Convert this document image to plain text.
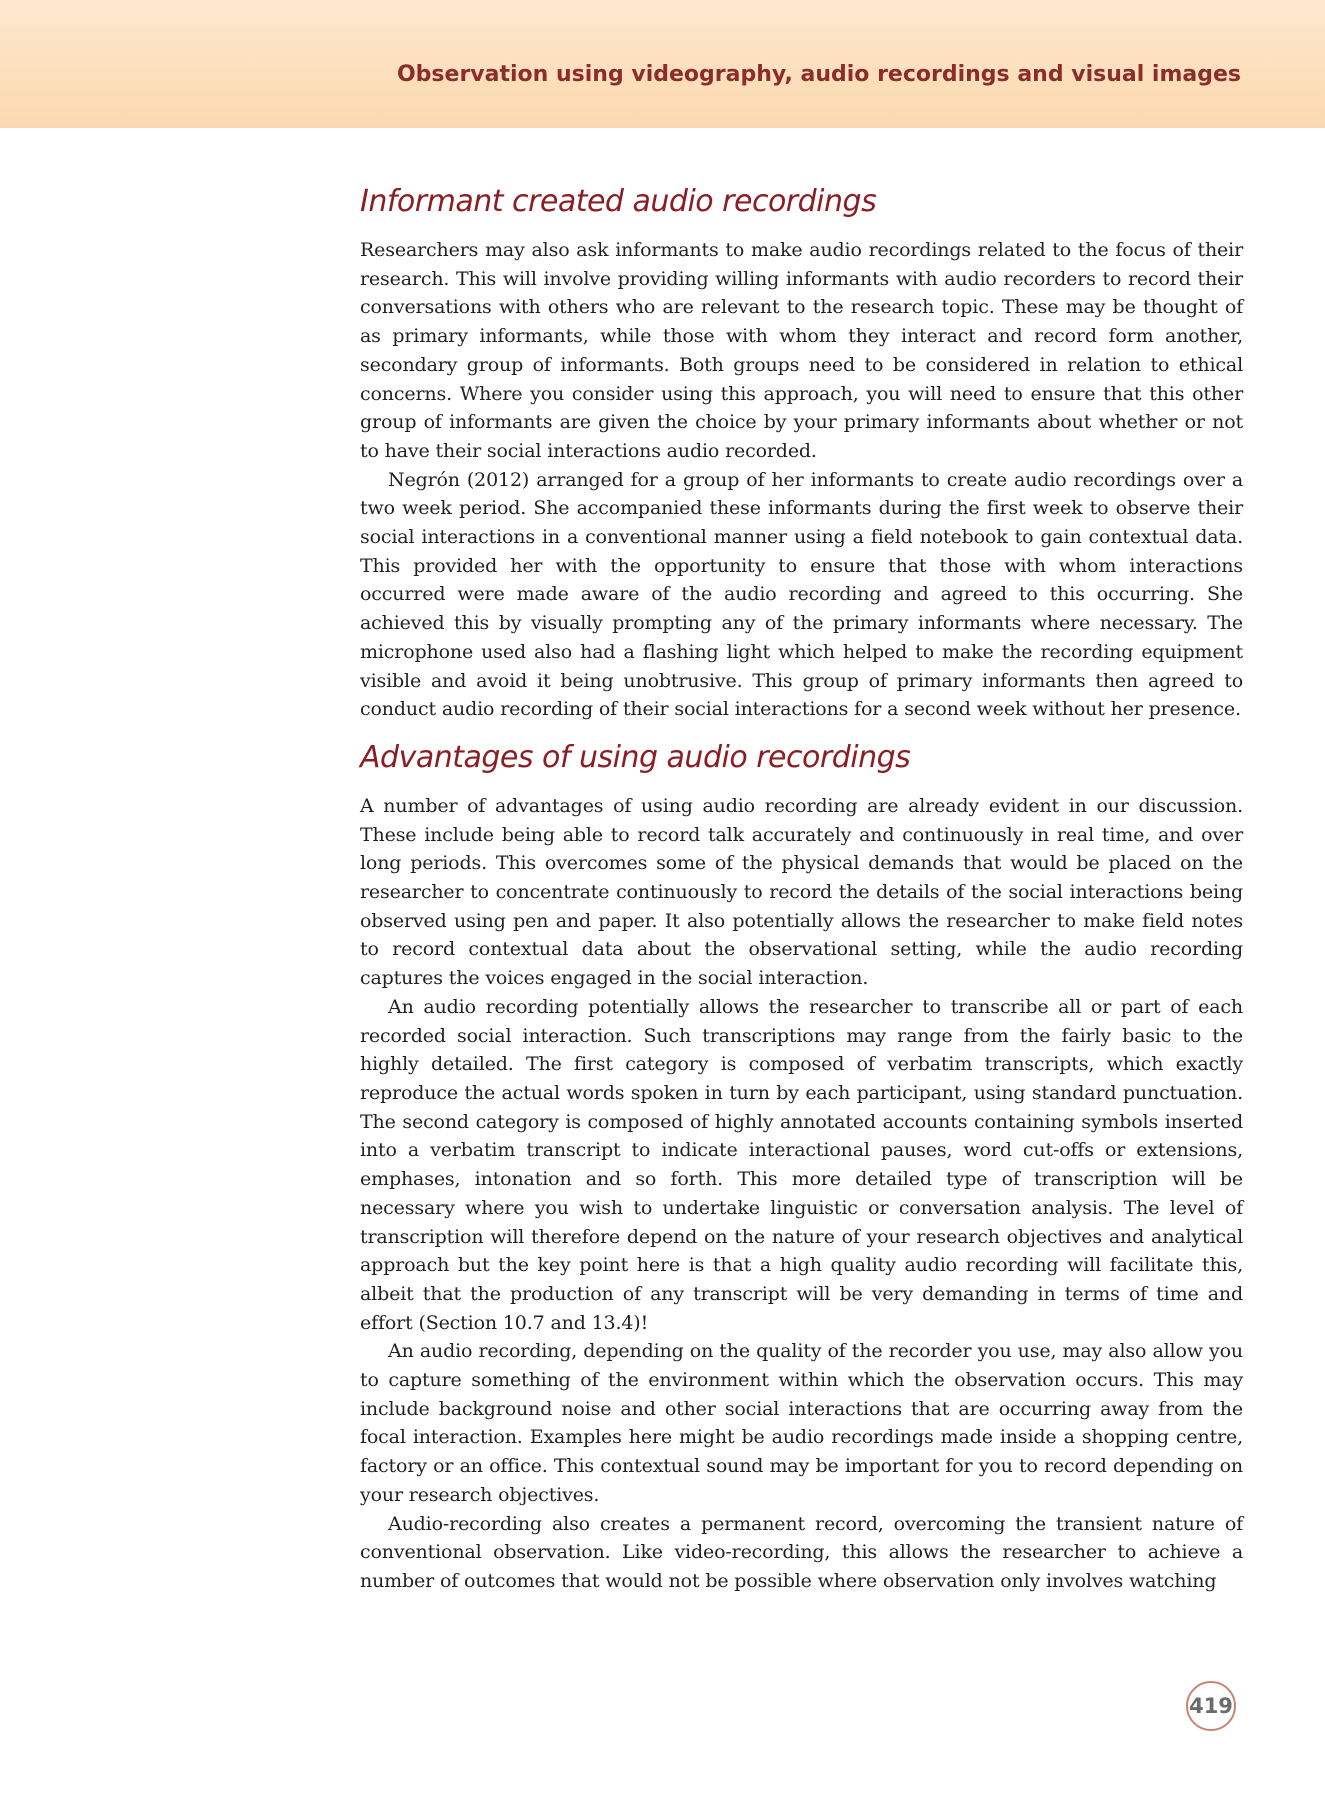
Observation using videography, audio recordings and visual images
Informant created audio recordings

Researchers may also ask informants to make audio recordings related to the focus of their research. This will involve providing willing informants with audio recorders to record their conversations with others who are relevant to the research topic. These may be thought of as primary informants, while those with whom they interact and record form another, secondary group of informants. Both groups need to be considered in relation to ethical concerns. Where you consider using this approach, you will need to ensure that this other group of informants are given the choice by your primary informants about whether or not to have their social interactions audio recorded.

Negrón (2012) arranged for a group of her informants to create audio recordings over a two week period. She accompanied these informants during the first week to observe their social interactions in a conventional manner using a field notebook to gain contextual data. This provided her with the opportunity to ensure that those with whom interactions occurred were made aware of the audio recording and agreed to this occurring. She achieved this by visually prompting any of the primary informants where necessary. The microphone used also had a flashing light which helped to make the recording equipment visible and avoid it being unobtrusive. This group of primary informants then agreed to conduct audio recording of their social interactions for a second week without her presence.

Advantages of using audio recordings

A number of advantages of using audio recording are already evident in our discussion. These include being able to record talk accurately and continuously in real time, and over long periods. This overcomes some of the physical demands that would be placed on the researcher to concentrate continuously to record the details of the social interactions being observed using pen and paper. It also potentially allows the researcher to make field notes to record contextual data about the observational setting, while the audio recording captures the voices engaged in the social interaction.

An audio recording potentially allows the researcher to transcribe all or part of each recorded social interaction. Such transcriptions may range from the fairly basic to the highly detailed. The first category is composed of verbatim transcripts, which exactly reproduce the actual words spoken in turn by each participant, using standard punctuation. The second category is composed of highly annotated accounts containing symbols inserted into a verbatim transcript to indicate interactional pauses, word cut-offs or extensions, emphases, intonation and so forth. This more detailed type of transcription will be necessary where you wish to undertake linguistic or conversation analysis. The level of transcription will therefore depend on the nature of your research objectives and analytical approach but the key point here is that a high quality audio recording will facilitate this, albeit that the production of any transcript will be very demanding in terms of time and effort (Section 10.7 and 13.4)!

An audio recording, depending on the quality of the recorder you use, may also allow you to capture something of the environment within which the observation occurs. This may include background noise and other social interactions that are occurring away from the focal interaction. Examples here might be audio recordings made inside a shopping centre, factory or an office. This contextual sound may be important for you to record depending on your research objectives.

Audio-recording also creates a permanent record, overcoming the transient nature of conventional observation. Like video-recording, this allows the researcher to achieve a number of outcomes that would not be possible where observation only involves watching

419
